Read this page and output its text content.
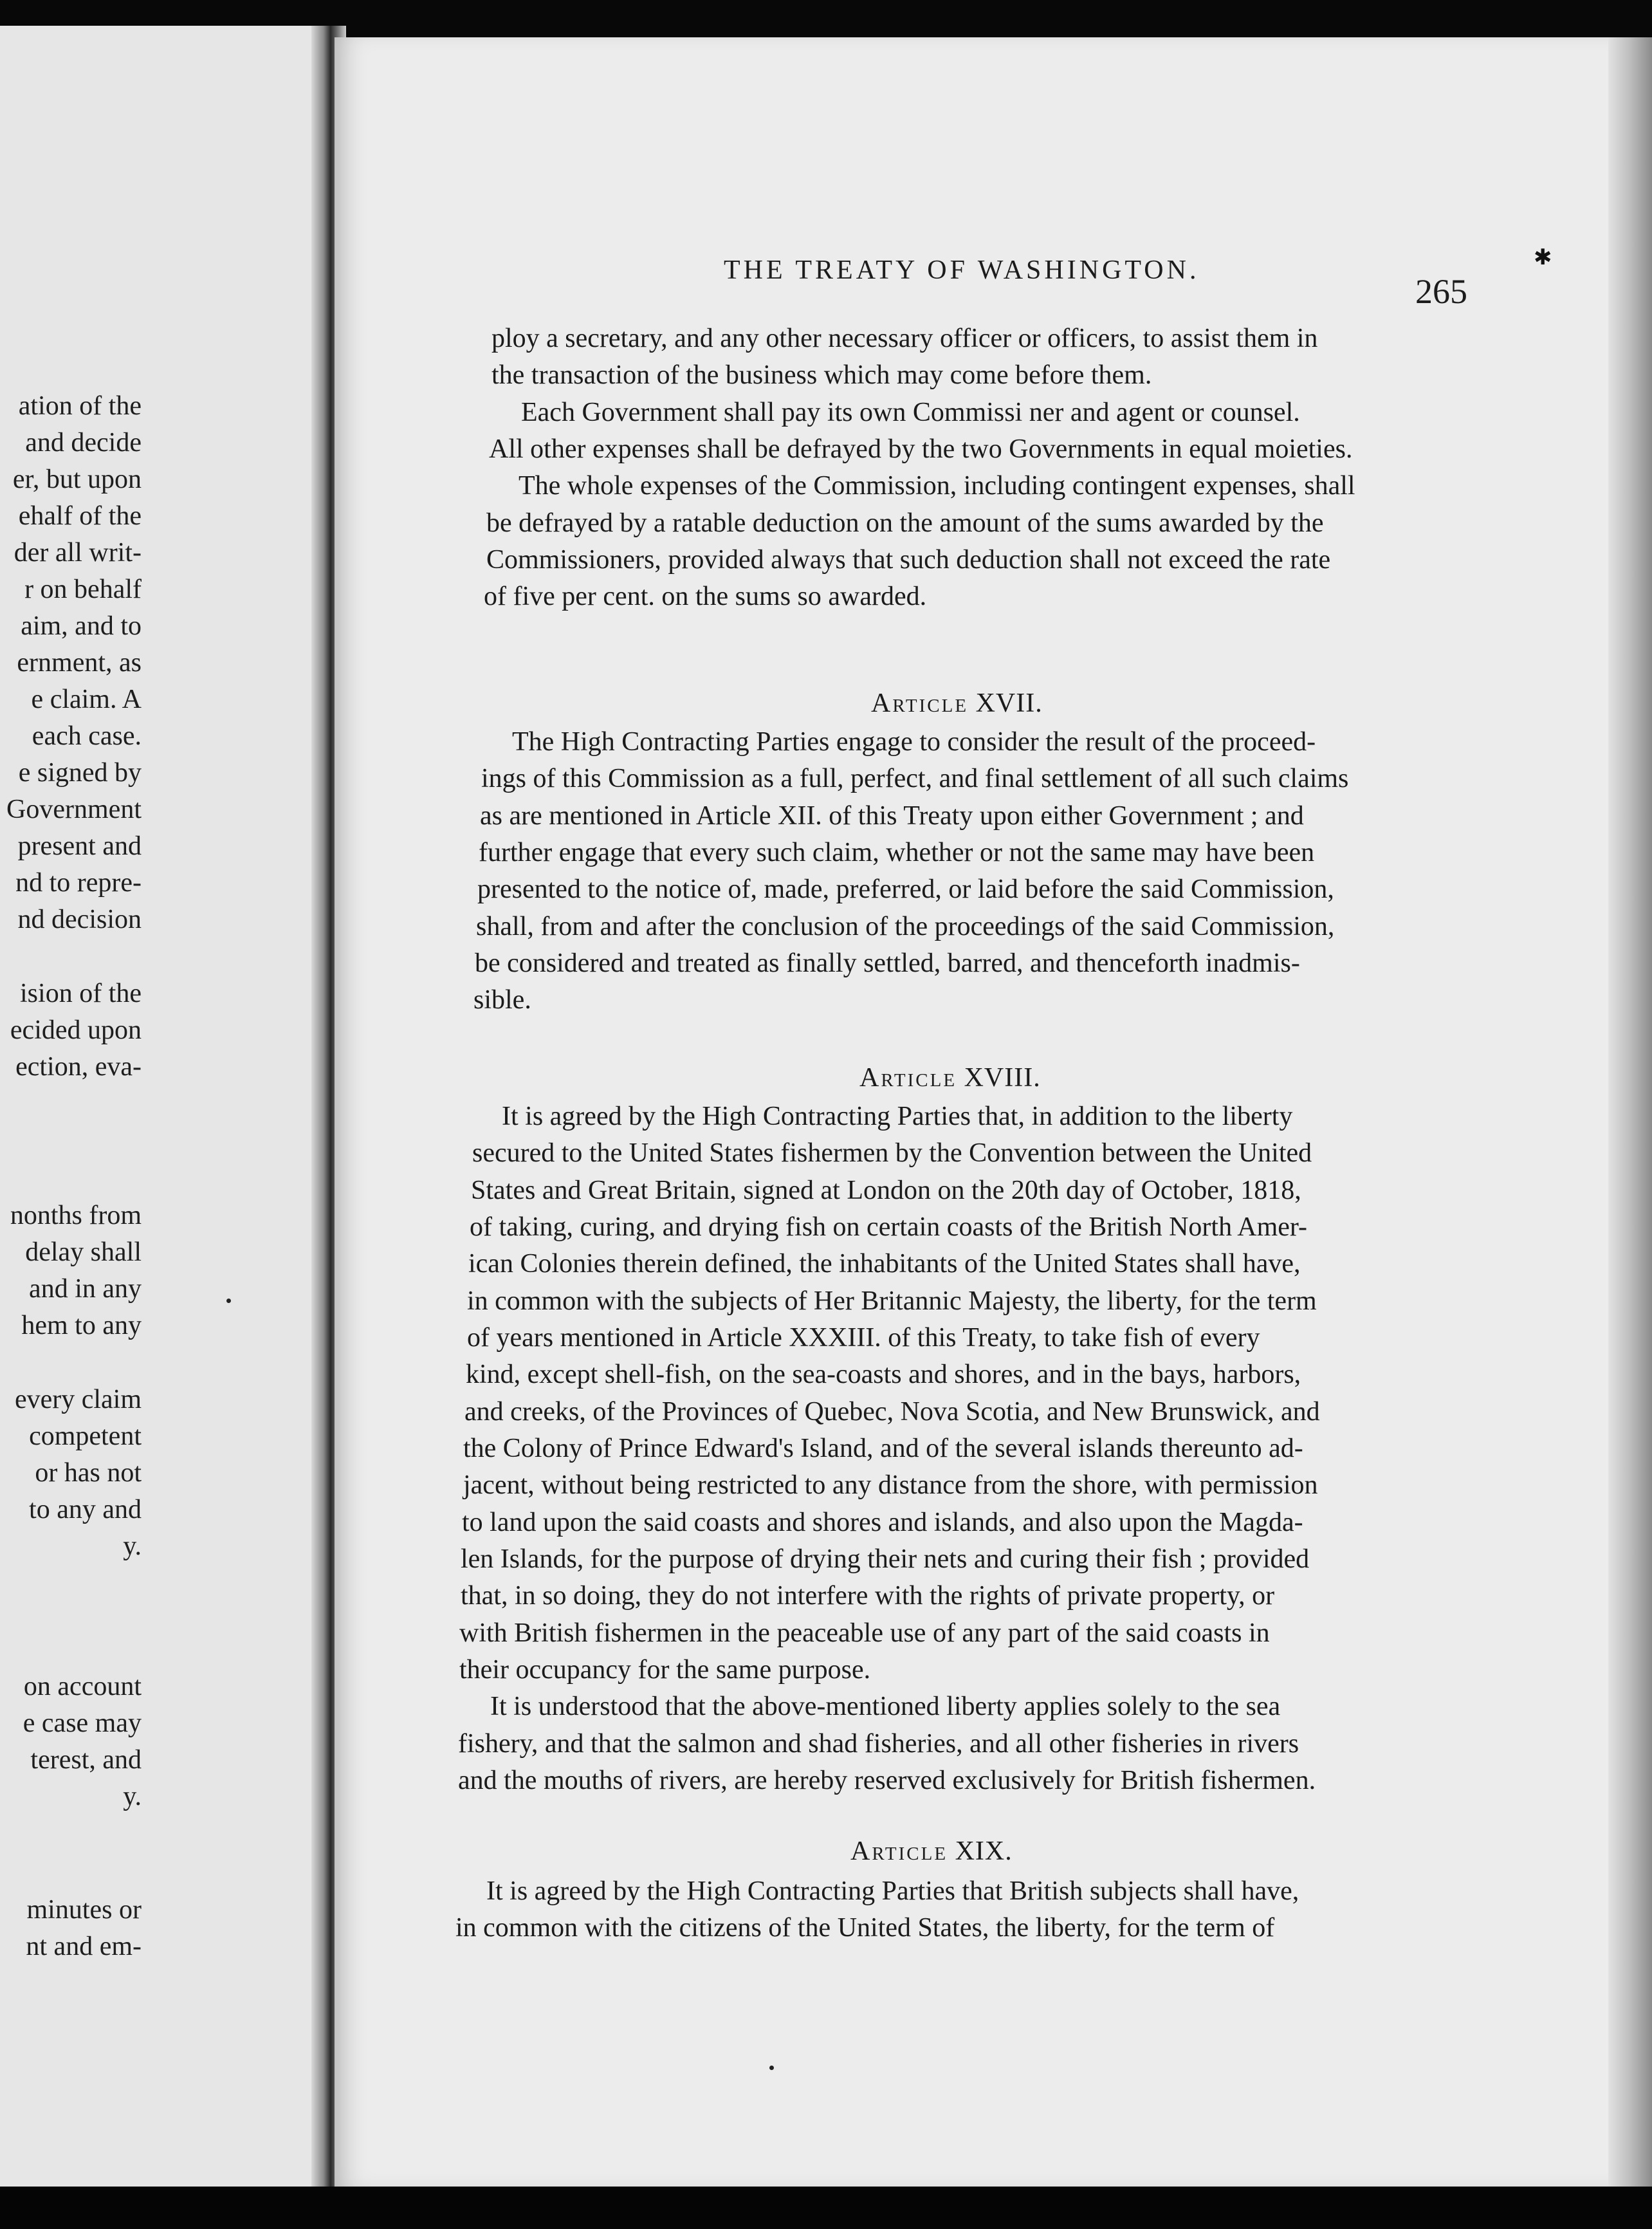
ation of the
and decide
er, but upon
ehalf of the
der all writ-
r on behalf
aim, and to
ernment, as
e claim. A
each case.
e signed by
Government
present and
nd to repre-
nd decision
ision of the
ecided upon
ection, eva-
nonths from
delay shall
and in any
hem to any
every claim
competent
or has not
to any and
y.
on account
e case may
terest, and
y.
minutes or
nt and em-
THE TREATY OF WASHINGTON.
265
✱
ploy a secretary, and any other necessary officer or officers, to assist them in
the transaction of the business which may come before them.
Each Government shall pay its own Commissi ner and agent or counsel.
All other expenses shall be defrayed by the two Governments in equal moieties.
The whole expenses of the Commission, including contingent expenses, shall
be defrayed by a ratable deduction on the amount of the sums awarded by the
Commissioners, provided always that such deduction shall not exceed the rate
of five per cent. on the sums so awarded.
Article XVII.
The High Contracting Parties engage to consider the result of the proceed-
ings of this Commission as a full, perfect, and final settlement of all such claims
as are mentioned in Article XII. of this Treaty upon either Government ; and
further engage that every such claim, whether or not the same may have been
presented to the notice of, made, preferred, or laid before the said Commission,
shall, from and after the conclusion of the proceedings of the said Commission,
be considered and treated as finally settled, barred, and thenceforth inadmis-
sible.
Article XVIII.
It is agreed by the High Contracting Parties that, in addition to the liberty
secured to the United States fishermen by the Convention between the United
States and Great Britain, signed at London on the 20th day of October, 1818,
of taking, curing, and drying fish on certain coasts of the British North Amer-
ican Colonies therein defined, the inhabitants of the United States shall have,
in common with the subjects of Her Britannic Majesty, the liberty, for the term
of years mentioned in Article XXXIII. of this Treaty, to take fish of every
kind, except shell-fish, on the sea-coasts and shores, and in the bays, harbors,
and creeks, of the Provinces of Quebec, Nova Scotia, and New Brunswick, and
the Colony of Prince Edward's Island, and of the several islands thereunto ad-
jacent, without being restricted to any distance from the shore, with permission
to land upon the said coasts and shores and islands, and also upon the Magda-
len Islands, for the purpose of drying their nets and curing their fish ; provided
that, in so doing, they do not interfere with the rights of private property, or
with British fishermen in the peaceable use of any part of the said coasts in
their occupancy for the same purpose.
It is understood that the above-mentioned liberty applies solely to the sea
fishery, and that the salmon and shad fisheries, and all other fisheries in rivers
and the mouths of rivers, are hereby reserved exclusively for British fishermen.
Article XIX.
It is agreed by the High Contracting Parties that British subjects shall have,
in common with the citizens of the United States, the liberty, for the term of
